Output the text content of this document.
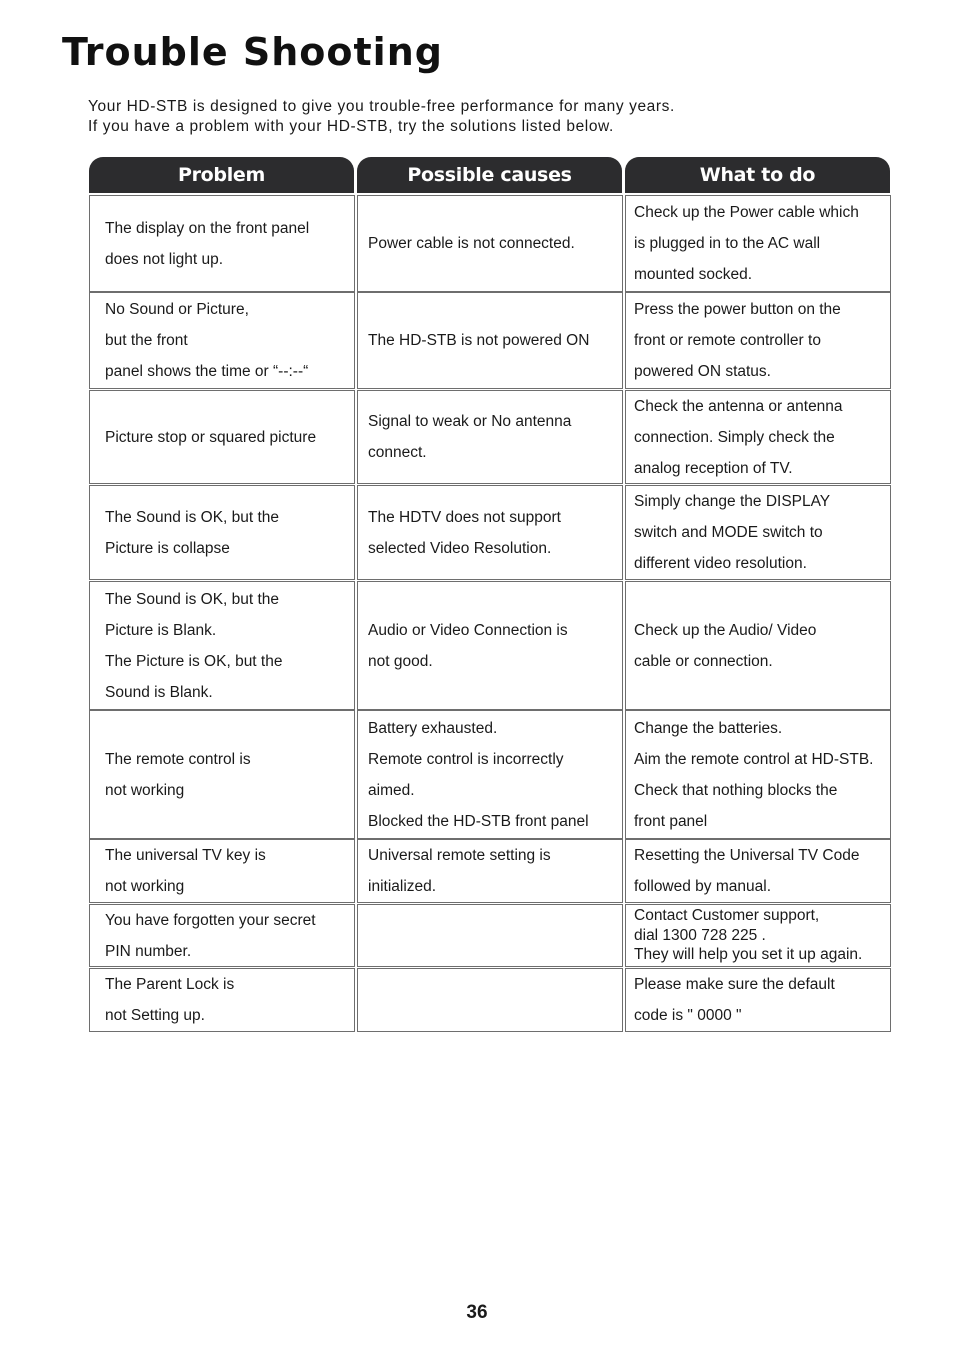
Trouble Shooting
Your HD-STB is designed to give you trouble-free performance for many years.
If you have a problem with your HD-STB, try the solutions listed below.
Problem	Possible causes	What to do
The display on the front panel
does not light up.
Power cable is not connected.
Check up the Power cable which
is plugged in to the AC wall
mounted socked.
No Sound or Picture,
but the front
panel shows the time or “--:--“
The HD-STB is not powered ON
Press the power button on the
front or remote controller to
powered ON status.
Picture stop or squared picture
Signal to weak or No antenna
connect.
Check the antenna or antenna
connection. Simply check the
analog reception of TV.
The Sound is OK, but the
Picture is collapse
The HDTV does not support
selected Video Resolution.
Simply change the DISPLAY
switch and MODE switch to
different video resolution.
The Sound is OK, but the
Picture is Blank.
The Picture is OK, but the
Sound is Blank.
Audio or Video Connection is
not good.
Check up the Audio/ Video
cable or connection.
The remote control is
not working
Battery exhausted.
Remote control is incorrectly
aimed.
Blocked the HD-STB front panel
Change the batteries.
Aim the remote control at HD-STB.
Check that nothing blocks the
front panel
The universal TV key is
not working
Universal remote setting is
initialized.
Resetting the Universal TV Code
followed by manual.
You have forgotten your secret
PIN number.
Contact Customer support,
dial 1300 728 225 .
They will help you set it up again.
The Parent Lock is
not Setting up.
Please make sure the default
code is " 0000 "
36
